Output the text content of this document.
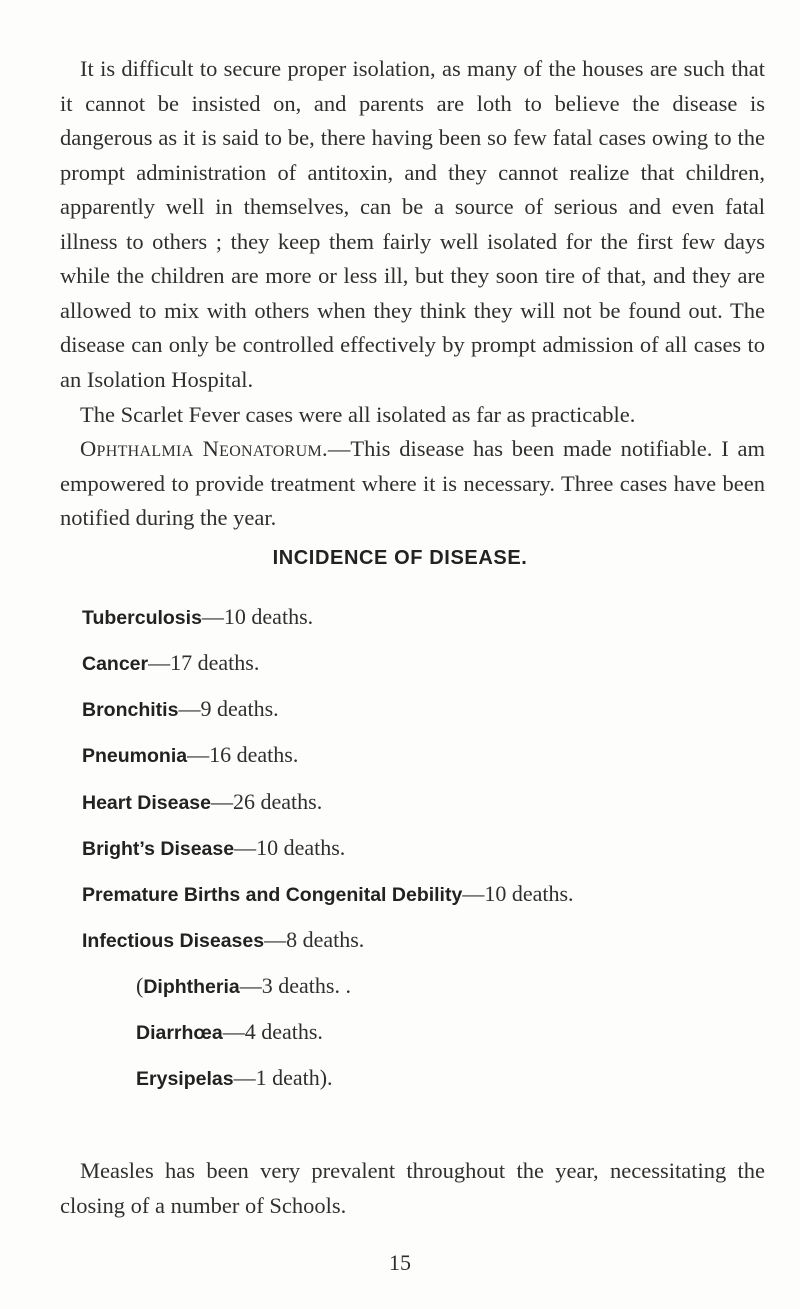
It is difficult to secure proper isolation, as many of the houses are such that it cannot be insisted on, and parents are loth to believe the disease is dangerous as it is said to be, there having been so few fatal cases owing to the prompt administration of antitoxin, and they cannot realize that children, apparently well in themselves, can be a source of serious and even fatal illness to others ; they keep them fairly well isolated for the first few days while the children are more or less ill, but they soon tire of that, and they are allowed to mix with others when they think they will not be found out. The disease can only be controlled effectively by prompt admission of all cases to an Isolation Hospital.

The Scarlet Fever cases were all isolated as far as practicable.

Ophthalmia Neonatorum.—This disease has been made notifiable. I am empowered to provide treatment where it is necessary. Three cases have been notified during the year.

INCIDENCE OF DISEASE.
Tuberculosis—10 deaths.
Cancer—17 deaths.
Bronchitis—9 deaths.
Pneumonia—16 deaths.
Heart Disease—26 deaths.
Bright’s Disease—10 deaths.
Premature Births and Congenital Debility—10 deaths.
Infectious Diseases—8 deaths.
(Diphtheria—3 deaths. .
Diarrhœa—4 deaths.
Erysipelas—1 death).

Measles has been very prevalent throughout the year, necessitating the closing of a number of Schools.

15
